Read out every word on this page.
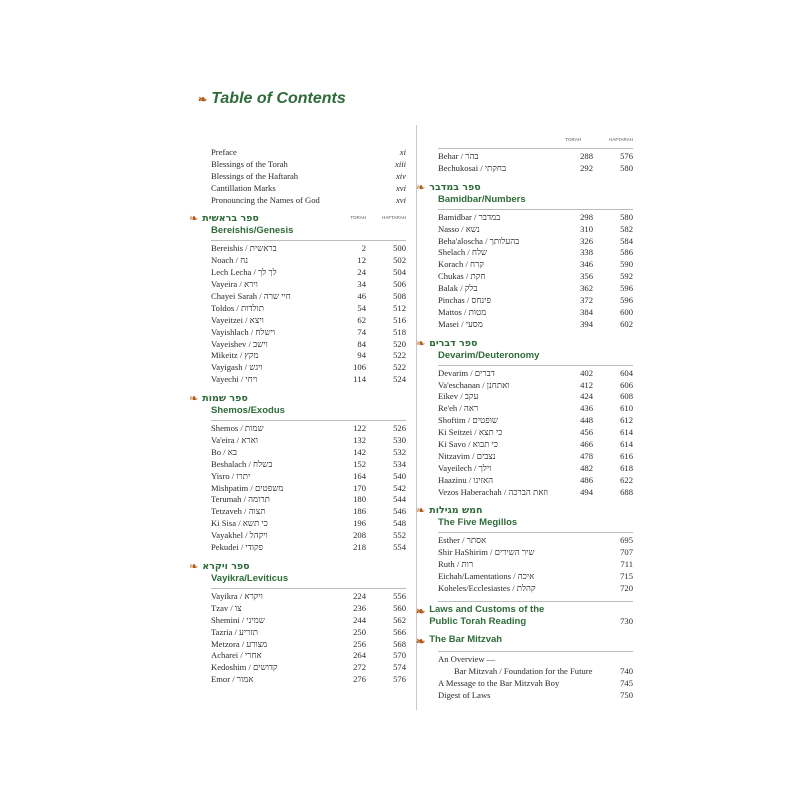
❧ Table of Contents
Preface	xi
Blessings of the Torah	xiii
Blessings of the Haftarah	xiv
Cantillation Marks	xvi
Pronouncing the Names of God	xvi
❧ ספר בראשית
Bereishis/Genesis
TORAH	HAFTARAH
Bereishis / בראשית	2	500
Noach / נח	12	502
Lech Lecha / לך לך	24	504
Vayeira / וירא	34	506
Chayei Sarah / חיי שרה	46	508
Toldos / תולדות	54	512
Vayeitzei / ויצא	62	516
Vayishlach / וישלח	74	518
Vayeishev / וישב	84	520
Mikeitz / מקץ	94	522
Vayigash / ויגש	106	522
Vayechi / ויחי	114	524
❧ ספר שמות
Shemos/Exodus
Shemos / שמות	122	526
Va'eira / וארא	132	530
Bo / בא	142	532
Beshalach / בשלח	152	534
Yisro / יתרו	164	540
Mishpatim / משפטים	170	542
Terumah / תרומה	180	544
Tetzaveh / תצוה	186	546
Ki Sisa / כי תשא	196	548
Vayakhel / ויקהל	208	552
Pekudei / פקודי	218	554
❧ ספר ויקרא
Vayikra/Leviticus
Vayikra / ויקרא	224	556
Tzav / צו	236	560
Shemini / שמיני	244	562
Tazria / תזריע	250	566
Metzora / מצורע	256	568
Acharei / אחרי	264	570
Kedoshim / קדושים	272	574
Emor / אמור	276	576
TORAH	HAFTARAH
Behar / בהר	288	576
Bechukosai / בחקתי	292	580
❧ ספר במדבר
Bamidbar/Numbers
Bamidbar / במדבר	298	580
Nasso / נשא	310	582
Beha'aloscha / בהעלותך	326	584
Shelach / שלח	338	586
Korach / קרח	346	590
Chukas / חקת	356	592
Balak / בלק	362	596
Pinchas / פינחס	372	596
Mattos / מטות	384	600
Masei / מסעי	394	602
❧ ספר דברים
Devarim/Deuteronomy
Devarim / דברים	402	604
Va'eschanan / ואתחנן	412	606
Eikev / עקב	424	608
Re'eh / ראה	436	610
Shoftim / שופטים	448	612
Ki Seitzei / כי תצא	456	614
Ki Savo / כי תבוא	466	614
Nitzavim / נצבים	478	616
Vayeilech / וילך	482	618
Haazinu / האזינו	486	622
Vezos Haberachah / וזאת הברכה	494	688
❧ חמש מגילות
The Five Megillos
Esther / אסתר	695
Shir HaShirim / שיר השירים	707
Ruth / רות	711
Eichah/Lamentations / איכה	715
Koheles/Ecclesiastes / קהלת	720
❧ Laws and Customs of the
Public Torah Reading	730
❧ The Bar Mitzvah
An Overview —
Bar Mitzvah / Foundation for the Future	740
A Message to the Bar Mitzvah Boy	745
Digest of Laws	750
